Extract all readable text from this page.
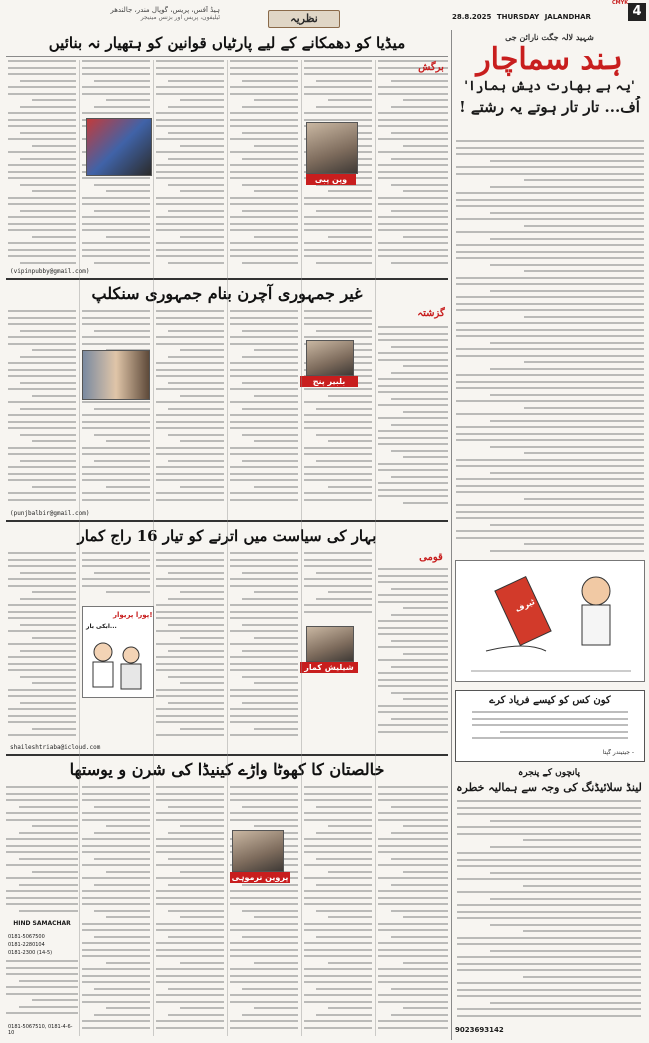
ہیڈ آفس، پریس، گوپال مندر، جالندھر
ٹیلیفون، پریس اور بزنس مینیجر	نظریہ	28.8.2025 THURSDAY JALANDHAR	4
CMYK
شہید لالہ جگت نارائن جی
ہند سماچار
'یہ ہے بھارت دیش ہمارا'
اُف... تار تار ہوتے یہ رشتے !
ٹیرف
کون کس کو کیسے فریاد کرے
- جیتیندر گُپتا
پانچوں کے پنجرہ
لینڈ سلائیڈنگ کی وجہ سے ہمالیہ خطرہ
9023693142
میڈیا کو دھمکانے کے لیے پارٹیاں قوانین کو ہتھیار نہ بنائیں
وپن پبی
برگش
(vipinpubby@gmail.com)
غیر جمہوری آچرن بنام جمہوری سنکلپ
گزشتہ
بلبیر پنج
(punjbalbir@gmail.com)
بہار کی سیاست میں اترنے کو تیار 16 راج کمار
قومی
ابکی بار...
پورا پریوار!
شیلیش کمار
shaileshtriaba@icloud.com
خالصتان کا کھوٹا واڑے کینیڈا کی شرن و یوستھا
پروین نرموہی
HIND SAMACHAR
0181-5067500
0181-2280104
0181-2300 (14-5)
0181-5067510, 0181-4-6-10
